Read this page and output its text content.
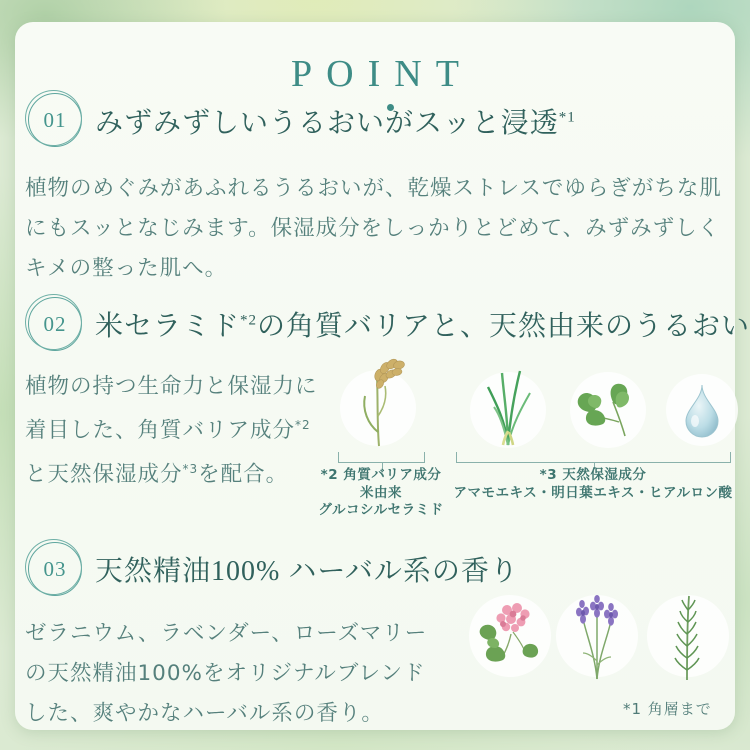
POINT
01 みずみずしいうるおいがスッと浸透$^{*1}$
植物のめぐみがあふれるうるおいが、乾燥ストレスでゆらぎがちな肌
にもスッとなじみます。保湿成分をしっかりとどめて、みずみずしく
キメの整った肌へ。
02 米セラミド$^{*2}$の角質バリアと、天然由来のうるおい
植物の持つ生命力と保湿力に
着目した、角質バリア成分$^{*2}$
と天然保湿成分$^{*3}$を配合。	*2 角質バリア成分
米由来
グルコシルセラミド
*3 天然保湿成分
アマモエキス・明日葉エキス・ヒアルロン酸
03 天然精油100% ハーバル系の香り
ゼラニウム、ラベンダー、ローズマリー
の天然精油100%をオリジナルブレンド
した、爽やかなハーバル系の香り。	*1 角層まで
